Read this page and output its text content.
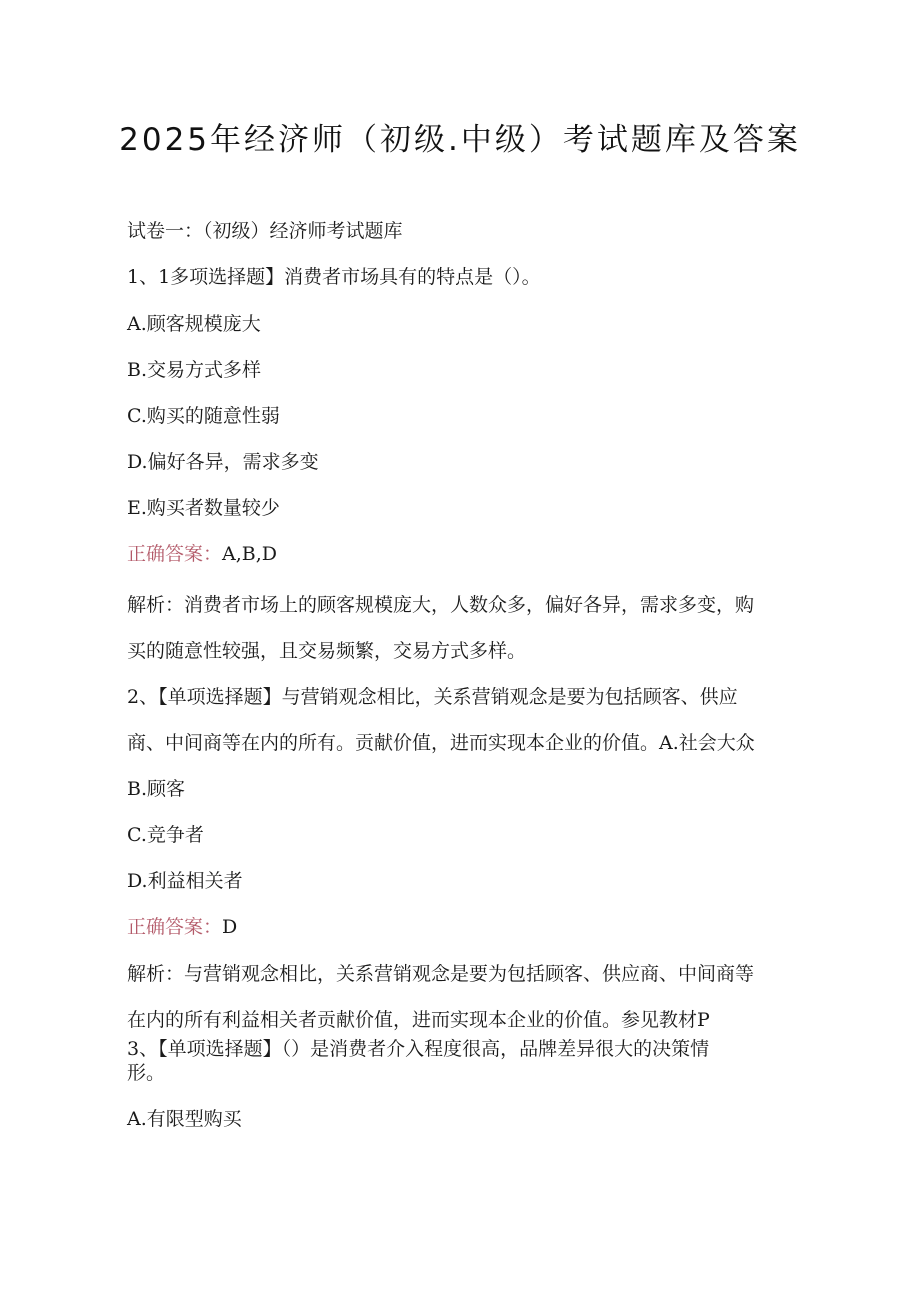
2025年经济师（初级.中级）考试题库及答案
试卷一：（初级）经济师考试题库
1、1多项选择题】消费者市场具有的特点是（）。
A.顾客规模庞大
B.交易方式多样
C.购买的随意性弱
D.偏好各异，需求多变
E.购买者数量较少
正确答案：A,B,D
解析：消费者市场上的顾客规模庞大，人数众多，偏好各异，需求多变，购
买的随意性较强，且交易频繁，交易方式多样。
2、【单项选择题】与营销观念相比，关系营销观念是要为包括顾客、供应
商、中间商等在内的所有。贡献价值，进而实现本企业的价值。A.社会大众
B.顾客
C.竞争者
D.利益相关者
正确答案：D
解析：与营销观念相比，关系营销观念是要为包括顾客、供应商、中间商等
在内的所有利益相关者贡献价值，进而实现本企业的价值。参见教材P
3、【单项选择题】（）是消费者介入程度很高，品牌差异很大的决策情
形。
A.有限型购买
